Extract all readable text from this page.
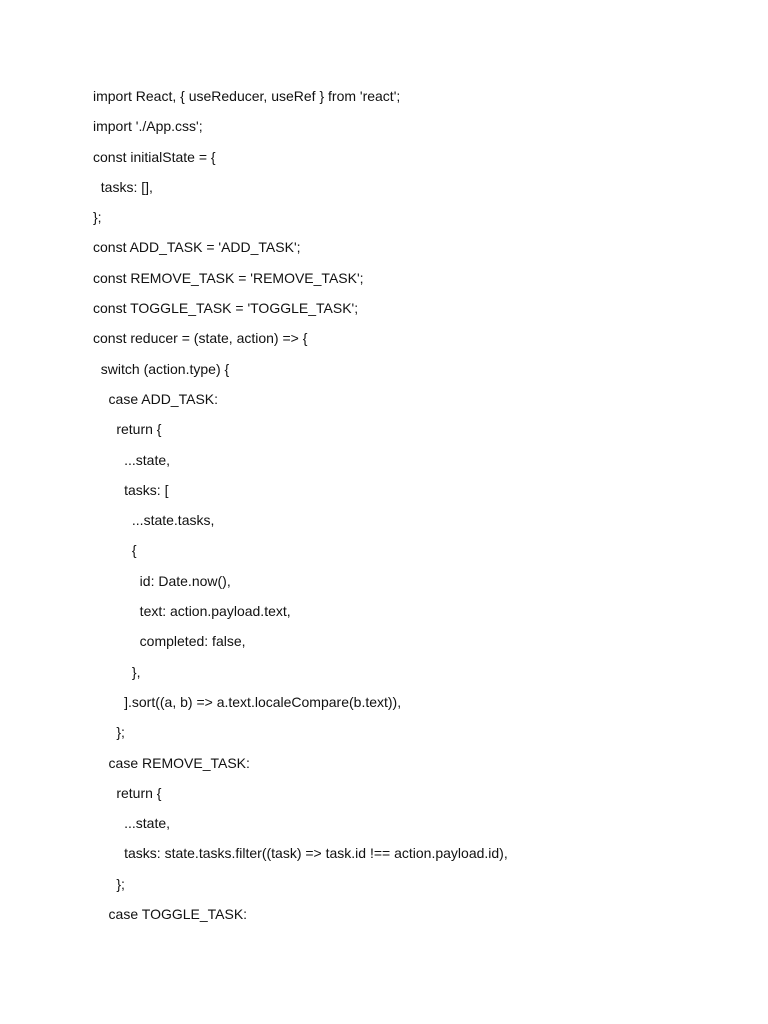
import React, { useReducer, useRef } from 'react';
import './App.css';
const initialState = {
tasks: [],
};
const ADD_TASK = 'ADD_TASK';
const REMOVE_TASK = 'REMOVE_TASK';
const TOGGLE_TASK = 'TOGGLE_TASK';
const reducer = (state, action) => {
switch (action.type) {
case ADD_TASK:
return {
...state,
tasks: [
...state.tasks,
{
id: Date.now(),
text: action.payload.text,
completed: false,
},
].sort((a, b) => a.text.localeCompare(b.text)),
};
case REMOVE_TASK:
return {
...state,
tasks: state.tasks.filter((task) => task.id !== action.payload.id),
};
case TOGGLE_TASK:
